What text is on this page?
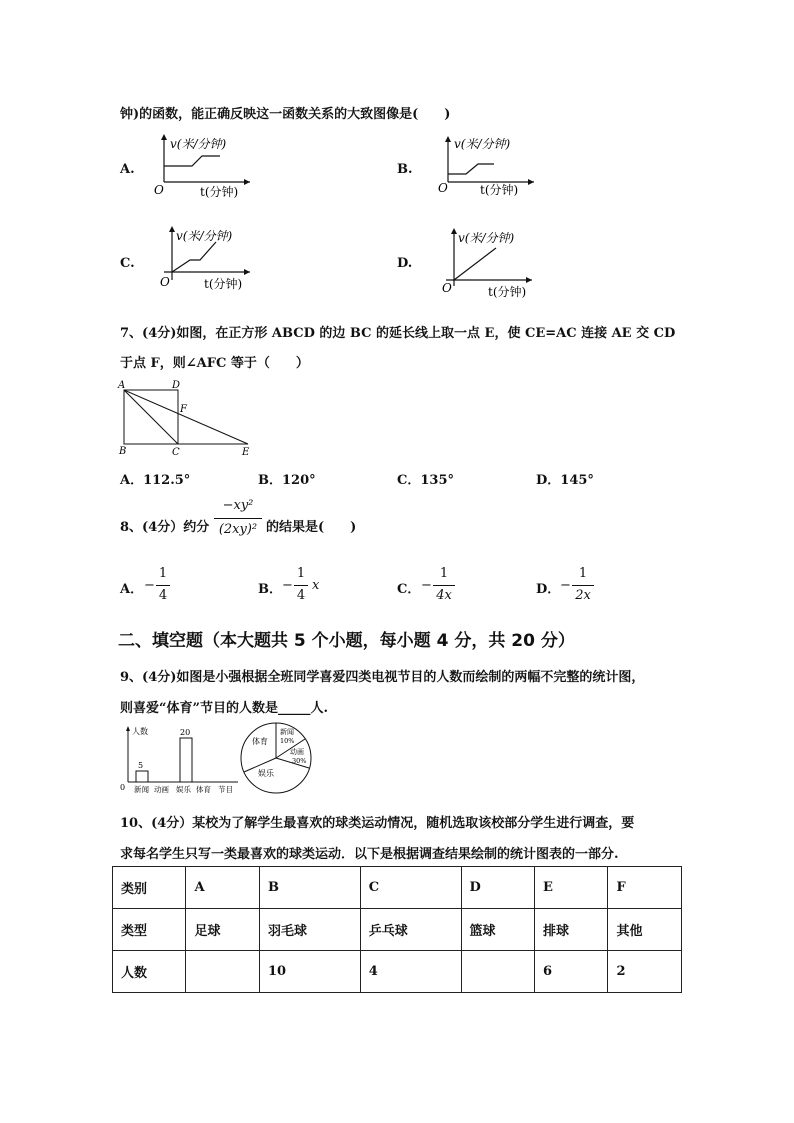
钟)的函数，能正确反映这一函数关系的大致图像是(　　)
A.
v(米/分钟)
O	t(分钟)
B.
v(米/分钟)
O	t(分钟)
C.
v(米/分钟)
O	t(分钟)
D.
v(米/分钟)
O	t(分钟)
7、(4分)如图，在正方形 ABCD 的边 BC 的延长线上取一点 E，使 CE=AC 连接 AE 交 CD
于点 F，则∠AFC 等于（　　）
A	D
F
B	C	E
A．112.5°	B．120°	C．135°	D．145°
8、(4分）约分
−xy²
(2xy)² 的结果是(　　)
A． −
1
4	B． −
1
4
x	C． −
1
4x	D． −
1
2x
二、填空题（本大题共 5 个小题，每小题 4 分，共 20 分）
9、(4分)如图是小强根据全班同学喜爱四类电视节目的人数而绘制的两幅不完整的统计图，
则喜爱“体育”节目的人数是_____人.
人数
0
5
20
新闻 动画 娱乐 体育 节目
体育
新闻
10%
动画
30%
娱乐
10、(4分）某校为了解学生最喜欢的球类运动情况，随机选取该校部分学生进行调查，要
求每名学生只写一类最喜欢的球类运动．以下是根据调查结果绘制的统计图表的一部分.
类别	A	B	C	D	E	F
类型	足球	羽毛球	乒乓球	篮球	排球	其他
人数		10	4		6	2
